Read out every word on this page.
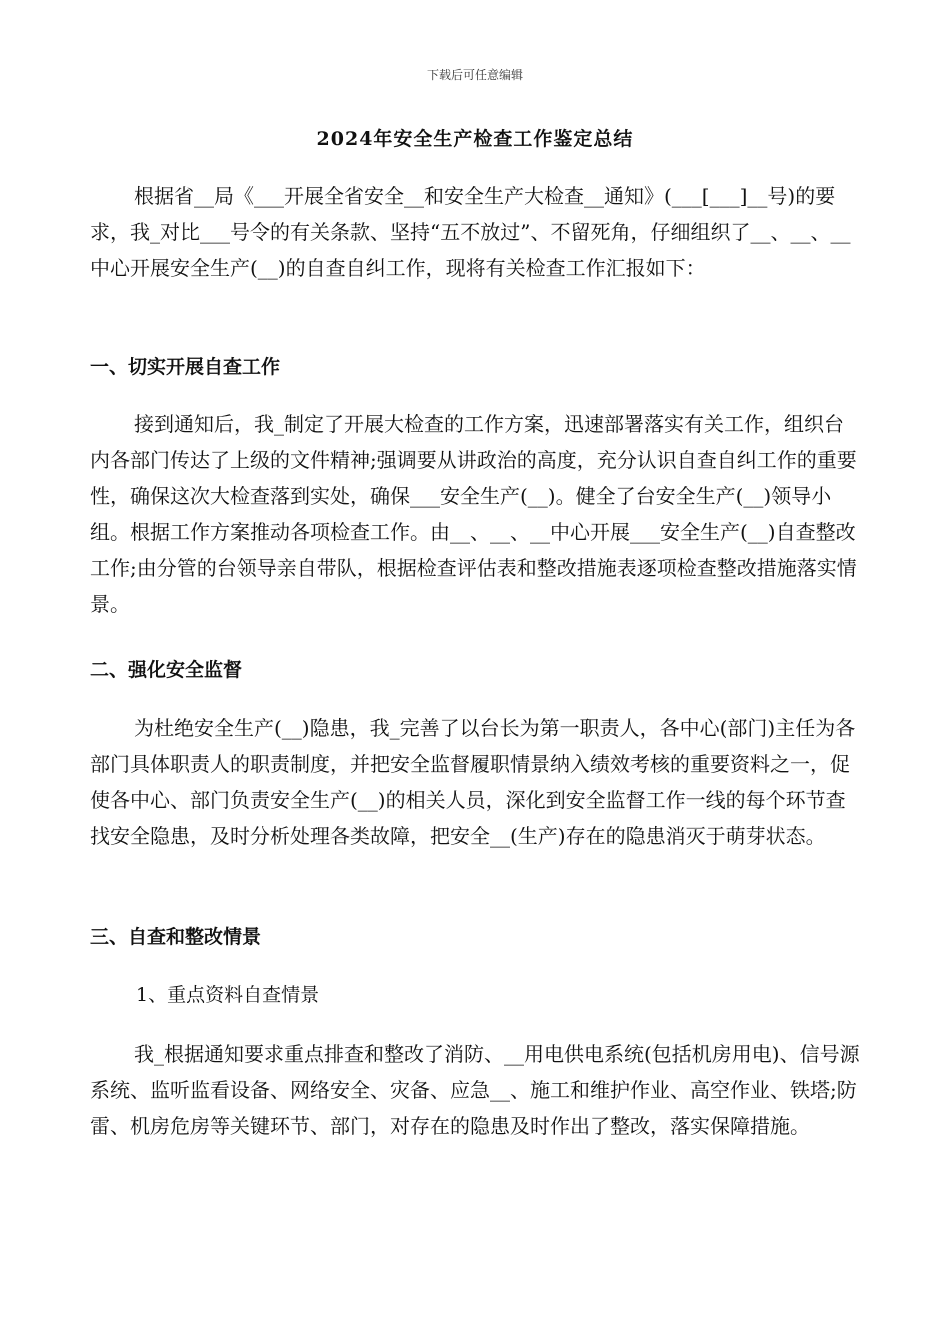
下载后可任意编辑
2024年安全生产检查工作鉴定总结

根据省__局《___开展全省安全__和安全生产大检查__通知》(___[___]__号)的要求，我_对比___号令的有关条款、坚持“五不放过”、不留死角，仔细组织了__、__、__中心开展安全生产(__)的自查自纠工作，现将有关检查工作汇报如下：

一、切实开展自查工作

接到通知后，我_制定了开展大检查的工作方案，迅速部署落实有关工作，组织台内各部门传达了上级的文件精神;强调要从讲政治的高度，充分认识自查自纠工作的重要性，确保这次大检查落到实处，确保___安全生产(__)。健全了台安全生产(__)领导小组。根据工作方案推动各项检查工作。由__、__、__中心开展___安全生产(__)自查整改工作;由分管的台领导亲自带队，根据检查评估表和整改措施表逐项检查整改措施落实情景。

二、强化安全监督

为杜绝安全生产(__)隐患，我_完善了以台长为第一职责人，各中心(部门)主任为各部门具体职责人的职责制度，并把安全监督履职情景纳入绩效考核的重要资料之一，促使各中心、部门负责安全生产(__)的相关人员，深化到安全监督工作一线的每个环节查找安全隐患，及时分析处理各类故障，把安全__(生产)存在的隐患消灭于萌芽状态。

三、自查和整改情景

1、重点资料自查情景

我_根据通知要求重点排查和整改了消防、__用电供电系统(包括机房用电)、信号源系统、监听监看设备、网络安全、灾备、应急__、施工和维护作业、高空作业、铁塔;防雷、机房危房等关键环节、部门，对存在的隐患及时作出了整改，落实保障措施。
